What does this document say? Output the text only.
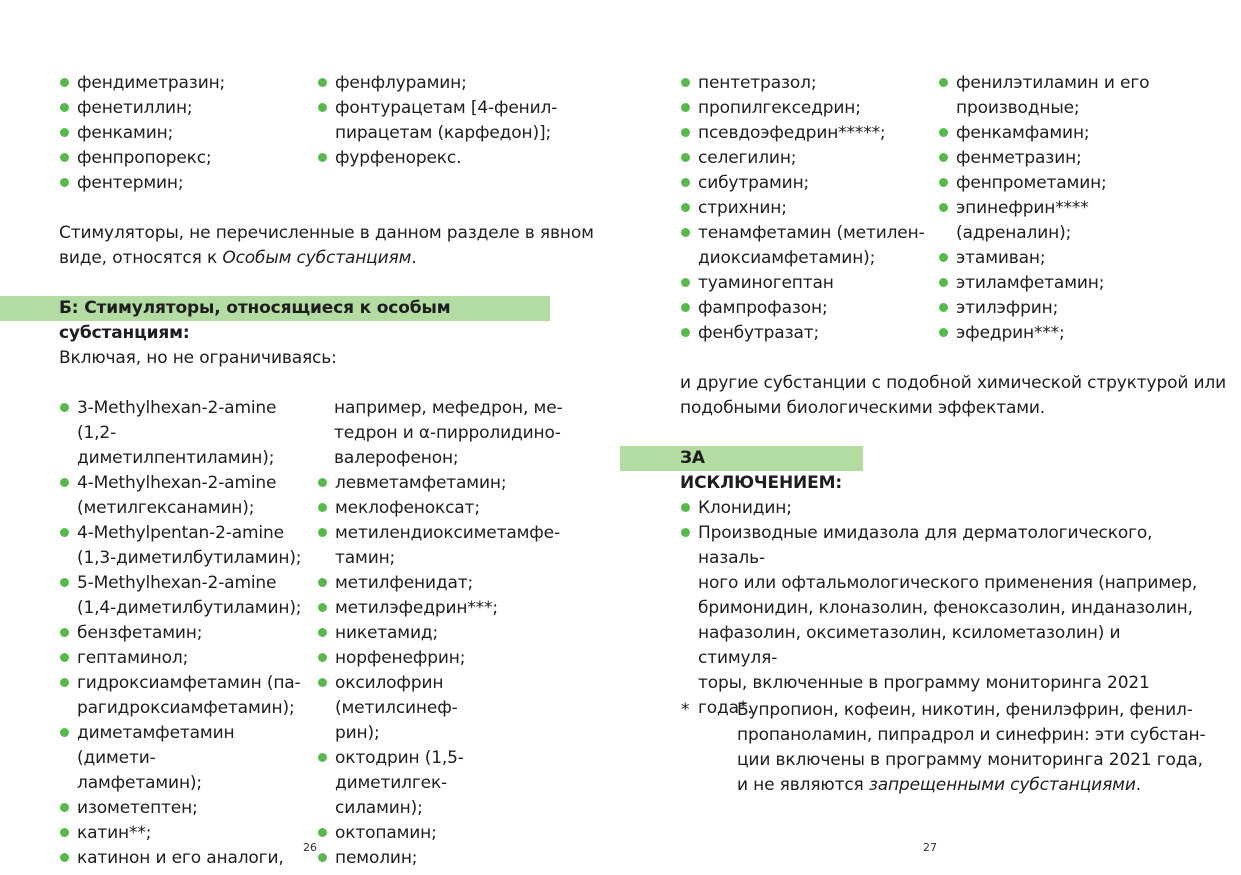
фендиметразин;
фенетиллин;
фенкамин;
фенпропорекс;
фентермин;
фенфлурамин;
фонтурацетам [4-фенил-
пирацетам (карфедон)];
фурфенорекс.

Стимуляторы, не перечисленные в данном разделе в явном
виде, относятся к Особым субстанциям.

Б: Стимуляторы, относящиеся к особым субстанциям:

Включая, но не ограничиваясь:

3-Methylhexan-2-amine
(1,2-диметилпентиламин);
4-Methylhexan-2-amine
(метилгексанамин);
4-Methylpentan-2-amine
(1,3-диметилбутиламин);
5-Methylhexan-2-amine
(1,4-диметилбутиламин);
бензфетамин;
гептаминол;
гидроксиамфетамин (па-
рагидроксиамфетамин);
диметамфетамин (димети-
ламфетамин);
изометептен;
катин**;
катинон и его аналоги,

например, мефедрон, ме-
тедрон и α-пирролидино-
валерофенон;

левметамфетамин;
меклофеноксат;
метилендиоксиметамфе-
тамин;
метилфенидат;
метилэфедрин***;
никетамид;
норфенефрин;
оксилофрин (метилсинеф-
рин);
октодрин (1,5-диметилгек-
силамин);
октопамин;
пемолин;
26
пентетразол;
пропилгекседрин;
псевдоэфедрин*****;
селегилин;
сибутрамин;
стрихнин;
тенамфетамин (метилен-
диоксиамфетамин);
туаминогептан
фампрофазон;
фенбутразат;
фенилэтиламин и его
производные;
фенкамфамин;
фенметразин;
фенпрометамин;
эпинефрин****
(адреналин);
этамиван;
этиламфетамин;
этилэфрин;
эфедрин***;

и другие субстанции с подобной химической структурой или
подобными биологическими эффектами.

ЗА ИСКЛЮЧЕНИЕМ:
Клонидин;
Производные имидазола для дерматологического, назаль-
ного или офтальмологического применения (например,
бримонидин, клоназолин, феноксазолин, инданазолин,
нафазолин, оксиметазолин, ксилометазолин) и стимуля-
торы, включенные в программу мониторинга 2021 года*.
*	Бупропион, кофеин, никотин, фенилэфрин, фенил-
пропаноламин, пипрадрол и синефрин: эти субстан-
ции включены в программу мониторинга 2021 года,
и не являются запрещенными субстанциями.

27
